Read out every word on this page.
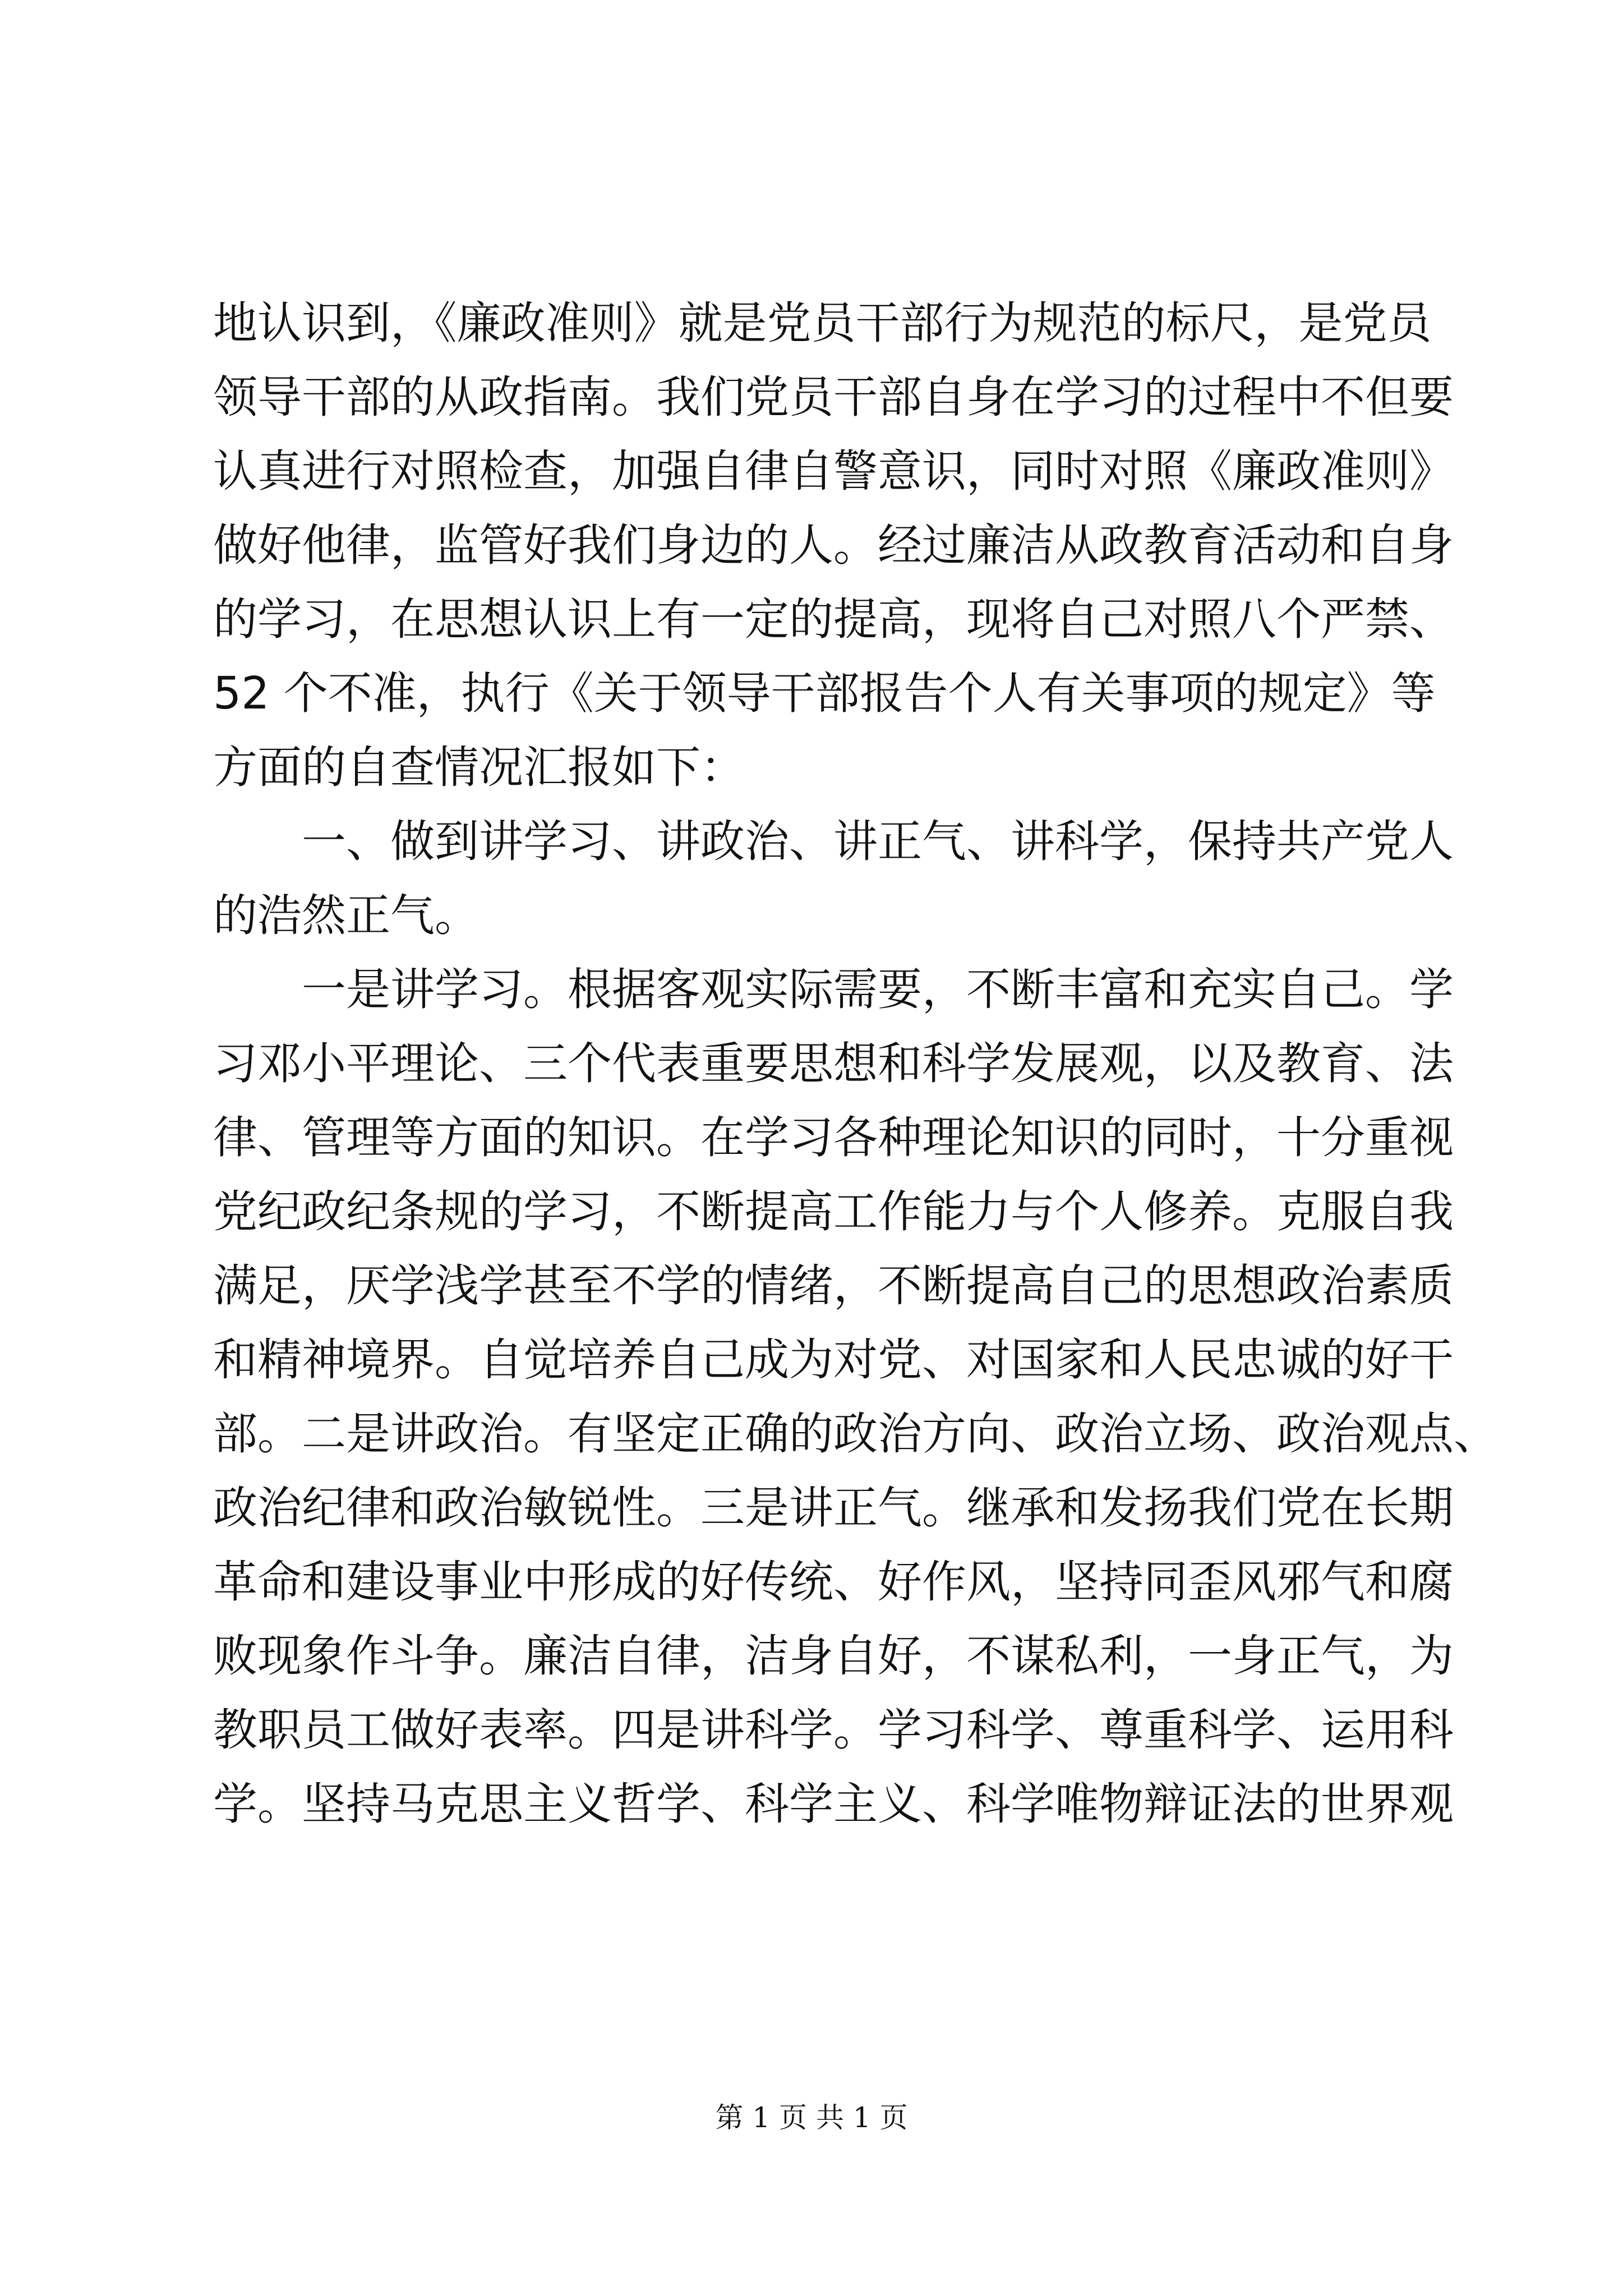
地认识到，《廉政准则》就是党员干部行为规范的标尺，是党员
领导干部的从政指南。我们党员干部自身在学习的过程中不但要
认真进行对照检查，加强自律自警意识，同时对照《廉政准则》
做好他律，监管好我们身边的人。经过廉洁从政教育活动和自身
的学习，在思想认识上有一定的提高，现将自己对照八个严禁、
52 个不准，执行《关于领导干部报告个人有关事项的规定》等
方面的自查情况汇报如下：
　　一、做到讲学习、讲政治、讲正气、讲科学，保持共产党人
的浩然正气。
　　一是讲学习。根据客观实际需要，不断丰富和充实自己。学
习邓小平理论、三个代表重要思想和科学发展观，以及教育、法
律、管理等方面的知识。在学习各种理论知识的同时，十分重视
党纪政纪条规的学习，不断提高工作能力与个人修养。克服自我
满足，厌学浅学甚至不学的情绪，不断提高自己的思想政治素质
和精神境界。自觉培养自己成为对党、对国家和人民忠诚的好干
部。二是讲政治。有坚定正确的政治方向、政治立场、政治观点、
政治纪律和政治敏锐性。三是讲正气。继承和发扬我们党在长期
革命和建设事业中形成的好传统、好作风，坚持同歪风邪气和腐
败现象作斗争。廉洁自律，洁身自好，不谋私利，一身正气，为
教职员工做好表率。四是讲科学。学习科学、尊重科学、运用科
学。坚持马克思主义哲学、科学主义、科学唯物辩证法的世界观
第 1 页 共 1 页
